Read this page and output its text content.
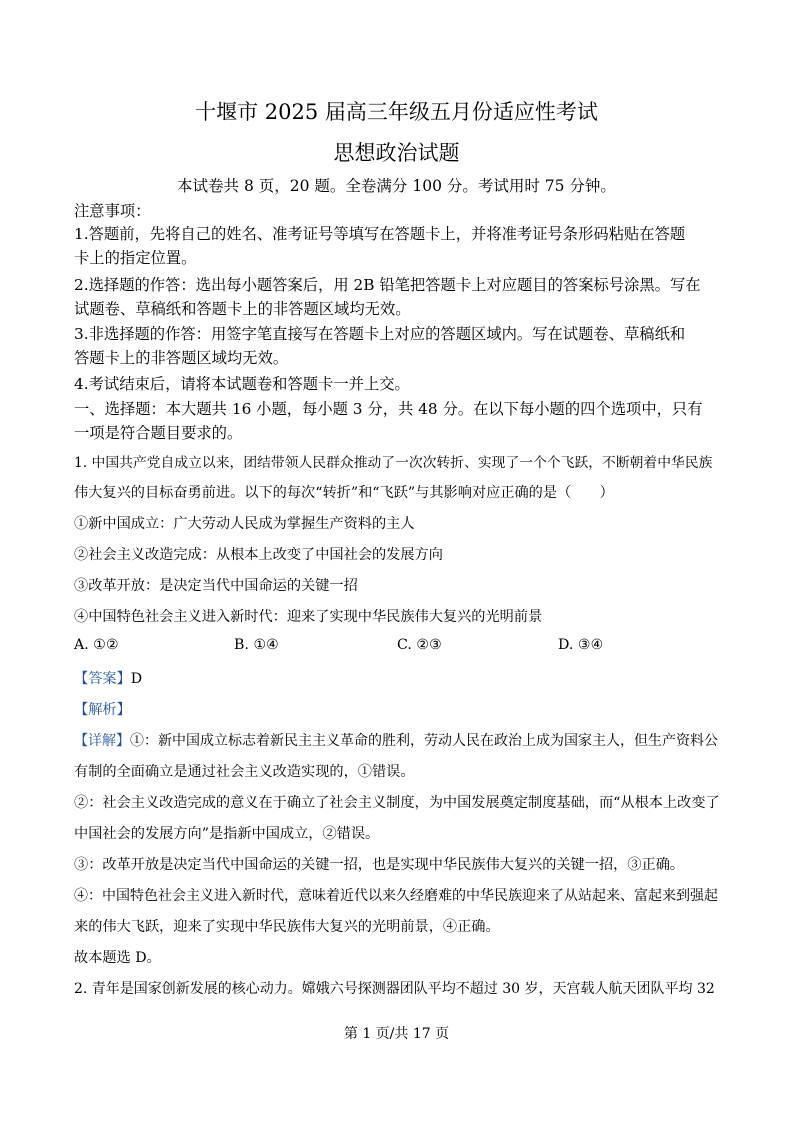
十堰市 2025 届高三年级五月份适应性考试
思想政治试题
本试卷共 8 页，20 题。全卷满分 100 分。考试用时 75 分钟。
注意事项：
1.答题前，先将自己的姓名、准考证号等填写在答题卡上，并将准考证号条形码粘贴在答题
卡上的指定位置。
2.选择题的作答：选出每小题答案后，用 2B 铅笔把答题卡上对应题目的答案标号涂黑。写在
试题卷、草稿纸和答题卡上的非答题区域均无效。
3.非选择题的作答：用签字笔直接写在答题卡上对应的答题区域内。写在试题卷、草稿纸和
答题卡上的非答题区域均无效。
4.考试结束后，请将本试题卷和答题卡一并上交。
一、选择题：本大题共 16 小题，每小题 3 分，共 48 分。在以下每小题的四个选项中，只有
一项是符合题目要求的。
1. 中国共产党自成立以来，团结带领人民群众推动了一次次转折、实现了一个个飞跃，不断朝着中华民族
伟大复兴的目标奋勇前进。以下的每次“转折”和“飞跃”与其影响对应正确的是（　　）
①新中国成立：广大劳动人民成为掌握生产资料的主人
②社会主义改造完成：从根本上改变了中国社会的发展方向
③改革开放：是决定当代中国命运的关键一招
④中国特色社会主义进入新时代：迎来了实现中华民族伟大复兴的光明前景
A. ①②	B. ①④	C. ②③	D. ③④
【答案】D
【解析】
【详解】①：新中国成立标志着新民主主义革命的胜利，劳动人民在政治上成为国家主人，但生产资料公
有制的全面确立是通过社会主义改造实现的，①错误。
②：社会主义改造完成的意义在于确立了社会主义制度，为中国发展奠定制度基础，而“从根本上改变了
中国社会的发展方向”是指新中国成立，②错误。
③：改革开放是决定当代中国命运的关键一招，也是实现中华民族伟大复兴的关键一招，③正确。
④：中国特色社会主义进入新时代，意味着近代以来久经磨难的中华民族迎来了从站起来、富起来到强起
来的伟大飞跃，迎来了实现中华民族伟大复兴的光明前景，④正确。
故本题选 D。
2. 青年是国家创新发展的核心动力。嫦娥六号探测器团队平均不超过 30 岁，天宫载人航天团队平均 32
第 1 页/共 17 页
